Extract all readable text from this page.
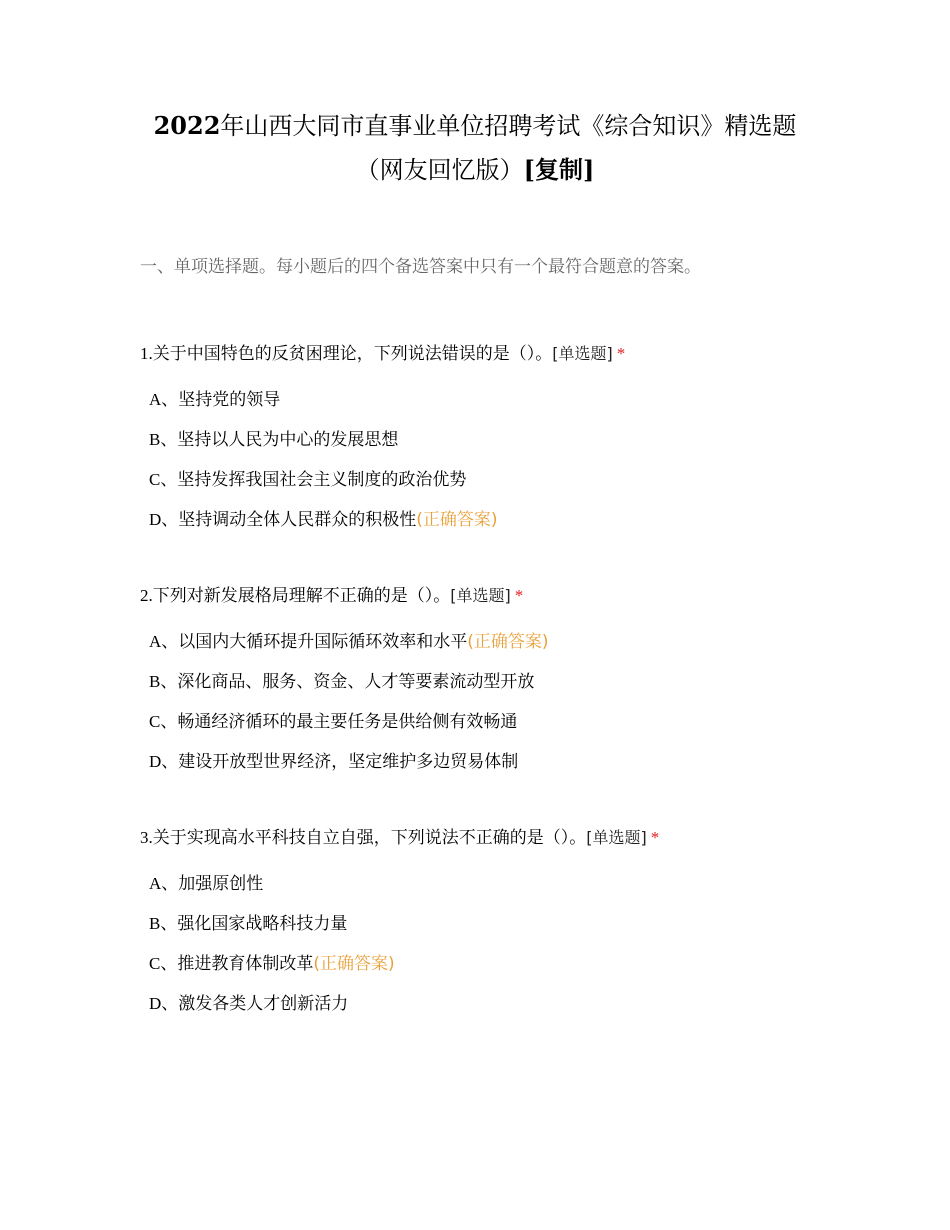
2022年山西大同市直事业单位招聘考试《综合知识》精选题
（网友回忆版）[复制]
一、单项选择题。每小题后的四个备选答案中只有一个最符合题意的答案。
1.关于中国特色的反贫困理论，下列说法错误的是（）。[单选题] *
A、坚持党的领导
B、坚持以人民为中心的发展思想
C、坚持发挥我国社会主义制度的政治优势
D、坚持调动全体人民群众的积极性(正确答案)
2.下列对新发展格局理解不正确的是（）。[单选题] *
A、以国内大循环提升国际循环效率和水平(正确答案)
B、深化商品、服务、资金、人才等要素流动型开放
C、畅通经济循环的最主要任务是供给侧有效畅通
D、建设开放型世界经济，坚定维护多边贸易体制
3.关于实现高水平科技自立自强，下列说法不正确的是（）。[单选题] *
A、加强原创性
B、强化国家战略科技力量
C、推进教育体制改革(正确答案)
D、激发各类人才创新活力
